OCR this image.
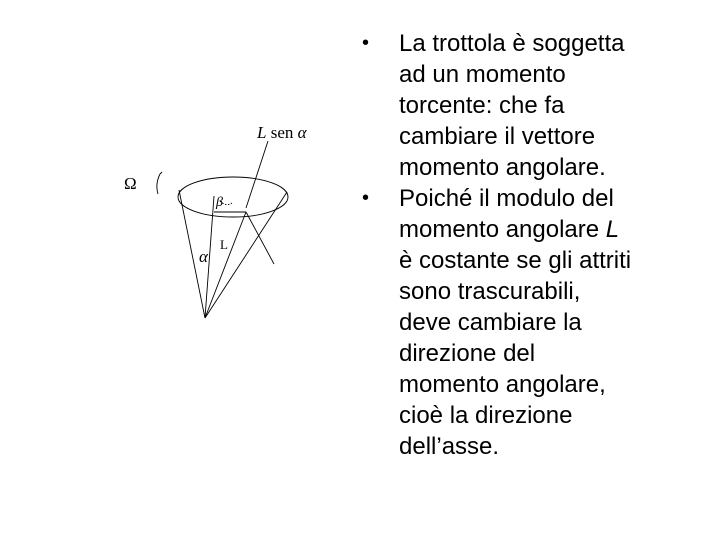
L sen α
Ω
β
α
L
•	La trottola è soggetta
ad un momento
torcente: che fa
cambiare il vettore
momento angolare.
•	Poiché il modulo del
momento angolare L
è costante se gli attriti
sono trascurabili,
deve cambiare la
direzione del
momento angolare,
cioè la direzione
dell’asse.
